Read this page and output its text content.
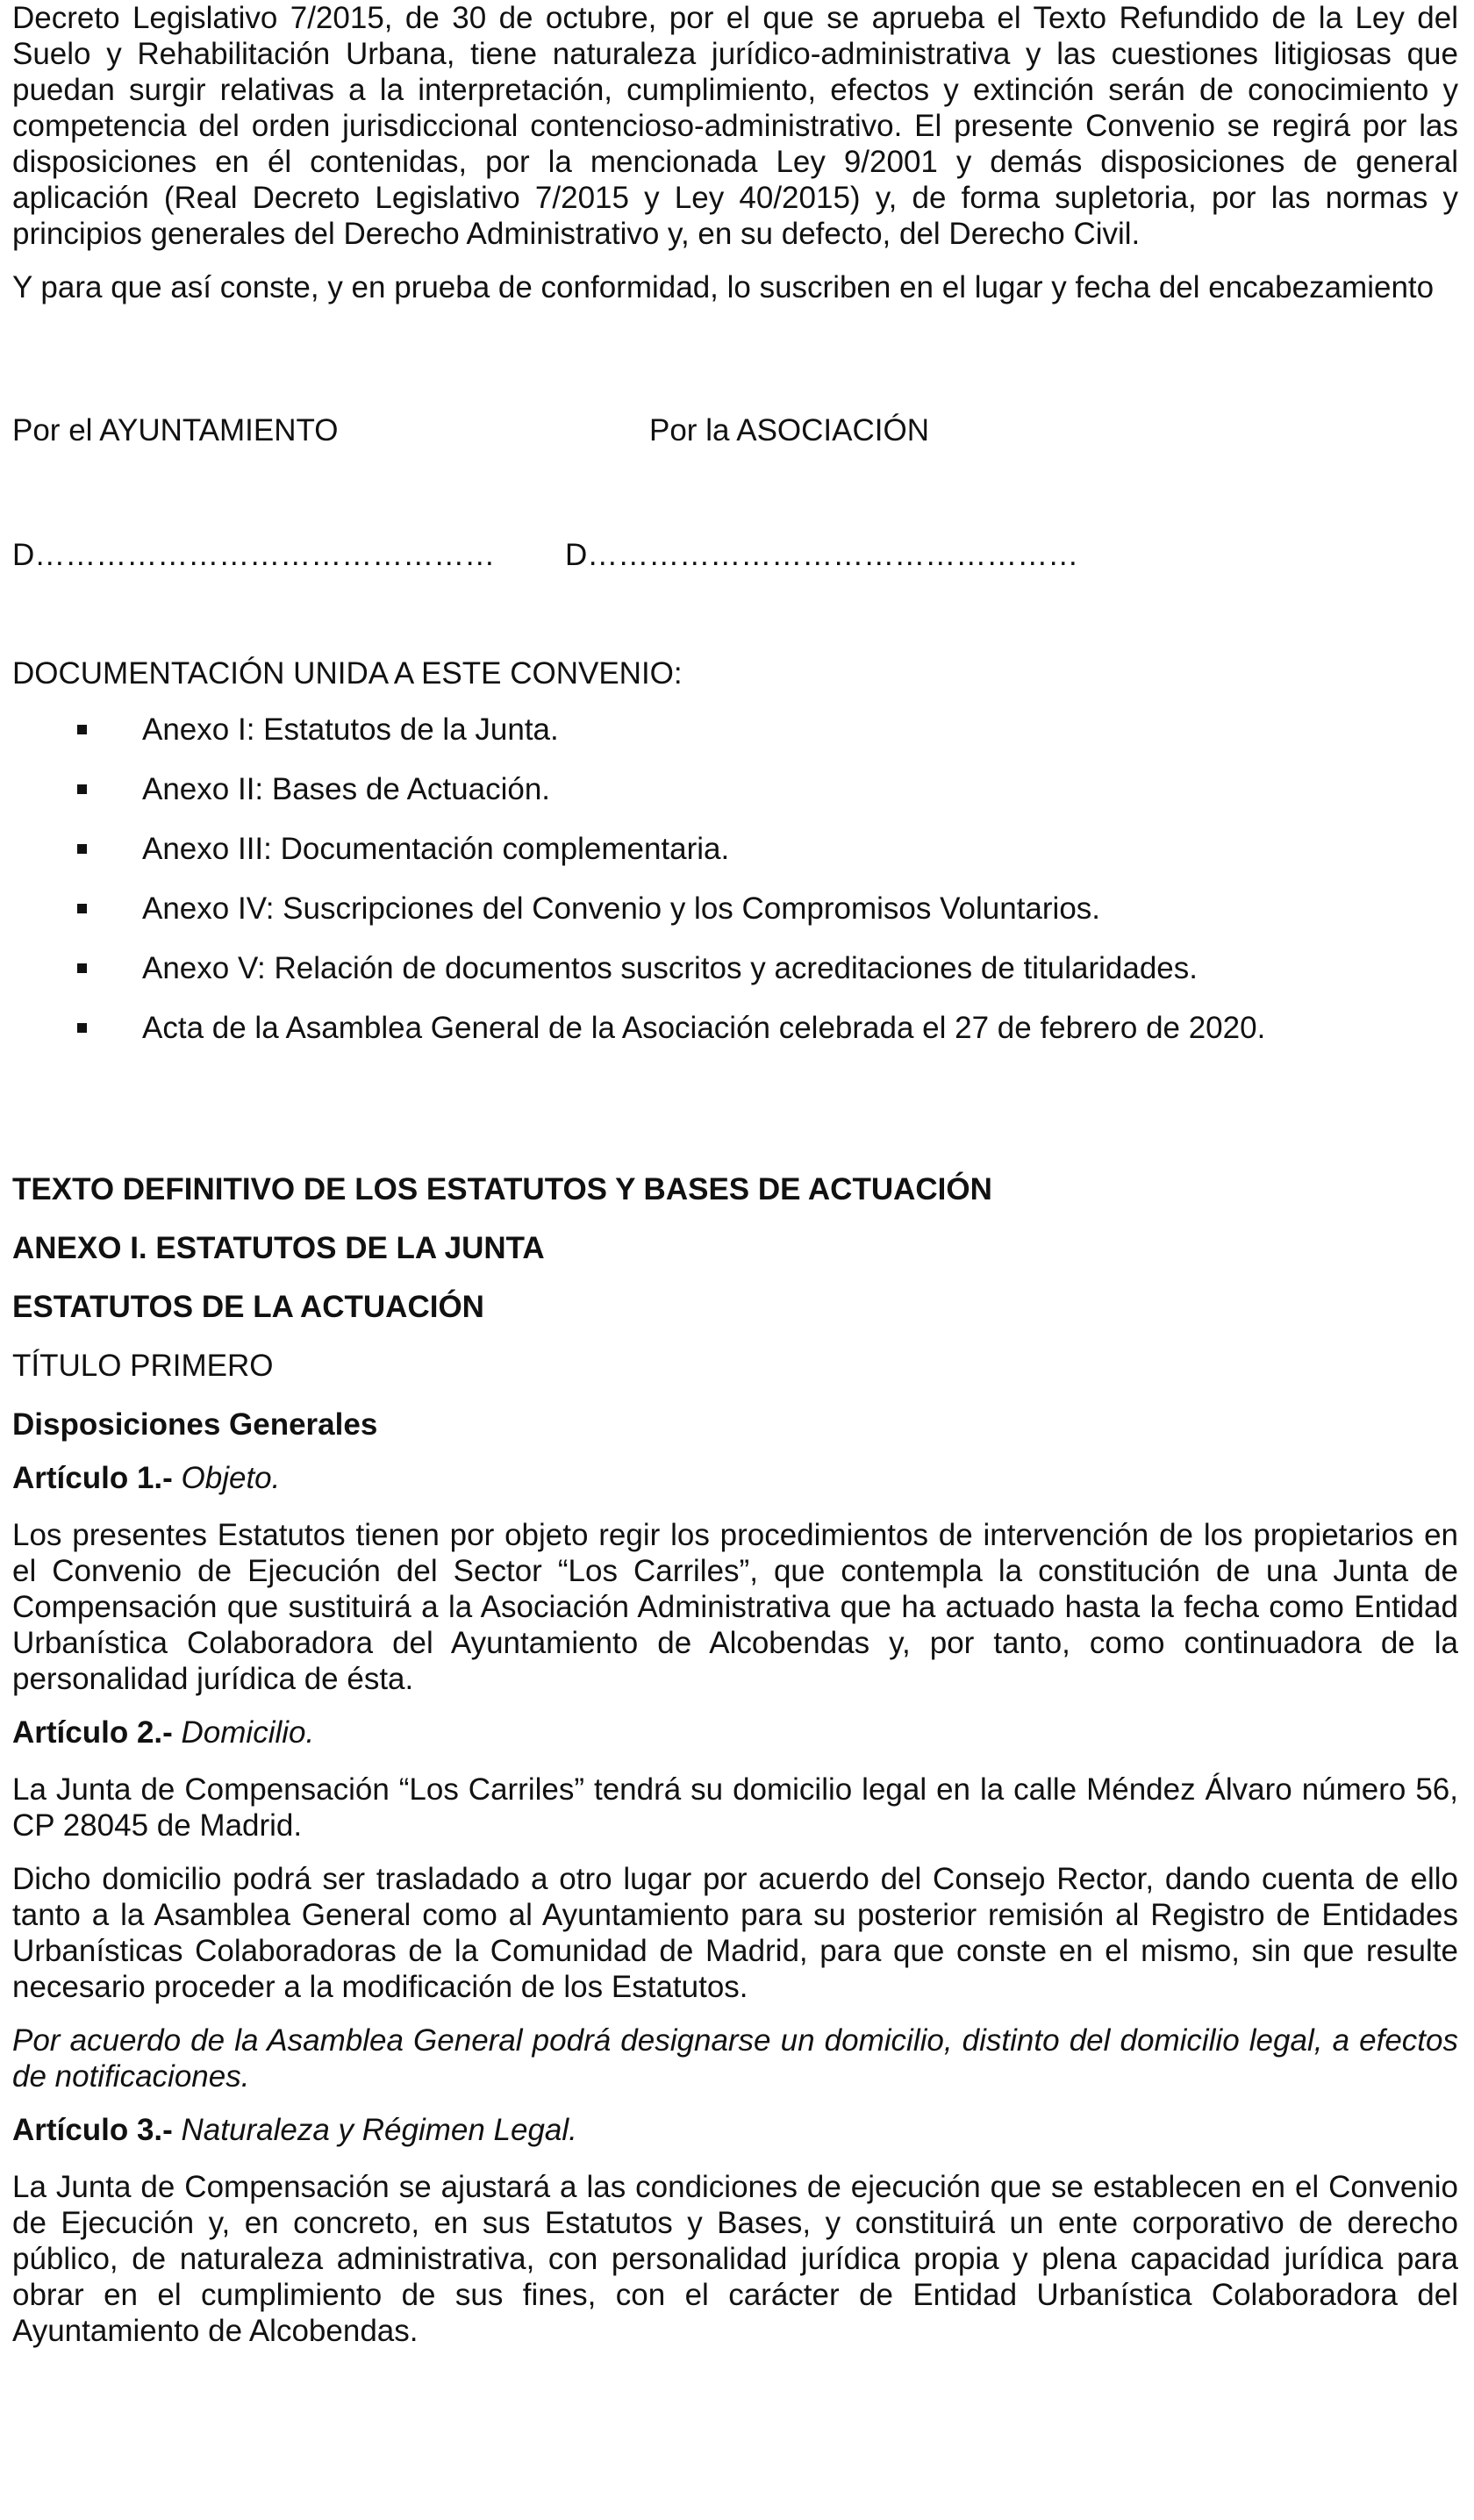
Decreto Legislativo 7/2015, de 30 de octubre, por el que se aprueba el Texto Refundido de la Ley del Suelo y Rehabilitación Urbana, tiene naturaleza jurídico-administrativa y las cuestiones litigiosas que puedan surgir relativas a la interpretación, cumplimiento, efectos y extinción serán de conocimiento y competencia del orden jurisdiccional contencioso-administrativo. El presente Convenio se regirá por las disposiciones en él contenidas, por la mencionada Ley 9/2001 y demás disposiciones de general aplicación (Real Decreto Legislativo 7/2015 y Ley 40/2015) y, de forma supletoria, por las normas y principios generales del Derecho Administrativo y, en su defecto, del Derecho Civil.

Y para que así conste, y en prueba de conformidad, lo suscriben en el lugar y fecha del encabezamiento

Por el AYUNTAMIENTO	Por la ASOCIACIÓN
D……………………………………… D…………………………………………

DOCUMENTACIÓN UNIDA A ESTE CONVENIO:

Anexo I: Estatutos de la Junta.
Anexo II: Bases de Actuación.
Anexo III: Documentación complementaria.
Anexo IV: Suscripciones del Convenio y los Compromisos Voluntarios.
Anexo V: Relación de documentos suscritos y acreditaciones de titularidades.
Acta de la Asamblea General de la Asociación celebrada el 27 de febrero de 2020.

TEXTO DEFINITIVO DE LOS ESTATUTOS Y BASES DE ACTUACIÓN

ANEXO I. ESTATUTOS DE LA JUNTA

ESTATUTOS DE LA ACTUACIÓN

TÍTULO PRIMERO

Disposiciones Generales

Artículo 1.- Objeto.

Los presentes Estatutos tienen por objeto regir los procedimientos de intervención de los propietarios en el Convenio de Ejecución del Sector “Los Carriles”, que contempla la constitución de una Junta de Compensación que sustituirá a la Asociación Administrativa que ha actuado hasta la fecha como Entidad Urbanística Colaboradora del Ayuntamiento de Alcobendas y, por tanto, como continuadora de la personalidad jurídica de ésta.

Artículo 2.- Domicilio.

La Junta de Compensación “Los Carriles” tendrá su domicilio legal en la calle Méndez Álvaro número 56, CP 28045 de Madrid.

Dicho domicilio podrá ser trasladado a otro lugar por acuerdo del Consejo Rector, dando cuenta de ello tanto a la Asamblea General como al Ayuntamiento para su posterior remisión al Registro de Entidades Urbanísticas Colaboradoras de la Comunidad de Madrid, para que conste en el mismo, sin que resulte necesario proceder a la modificación de los Estatutos.

Por acuerdo de la Asamblea General podrá designarse un domicilio, distinto del domicilio legal, a efectos de notificaciones.

Artículo 3.- Naturaleza y Régimen Legal.

La Junta de Compensación se ajustará a las condiciones de ejecución que se establecen en el Convenio de Ejecución y, en concreto, en sus Estatutos y Bases, y constituirá un ente corporativo de derecho público, de naturaleza administrativa, con personalidad jurídica propia y plena capacidad jurídica para obrar en el cumplimiento de sus fines, con el carácter de Entidad Urbanística Colaboradora del Ayuntamiento de Alcobendas.
